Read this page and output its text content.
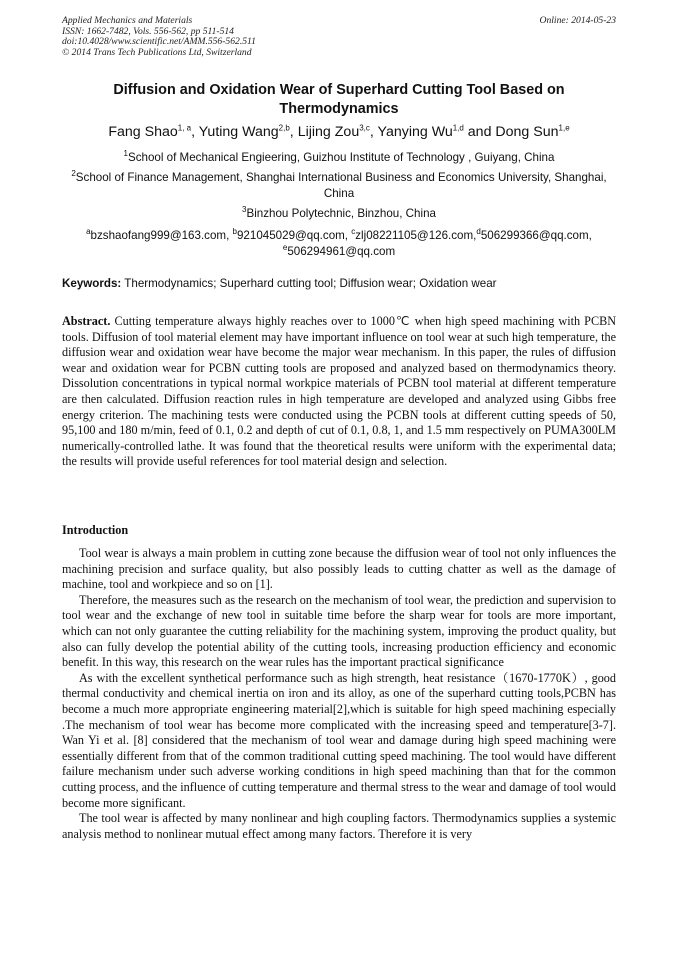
Applied Mechanics and Materials
ISSN: 1662-7482, Vols. 556-562, pp 511-514
doi:10.4028/www.scientific.net/AMM.556-562.511
© 2014 Trans Tech Publications Ltd, Switzerland
Online: 2014-05-23
Diffusion and Oxidation Wear of Superhard Cutting Tool Based on Thermodynamics
Fang Shao$^{1, a}$, Yuting Wang$^{2,b}$, Lijing Zou$^{3,c}$, Yanying Wu$^{1,d}$ and Dong Sun$^{1,e}$
$^1$School of Mechanical Engieering, Guizhou Institute of Technology , Guiyang, China
$^2$School of Finance Management, Shanghai International Business and Economics University, Shanghai, China
$^3$Binzhou Polytechnic, Binzhou, China
$^a$bzshaofang999@163.com, $^b$921045029@qq.com, $^c$zlj08221105@126.com,$^d$506299366@qq.com,
$^e$506294961@qq.com
Keywords: Thermodynamics; Superhard cutting tool; Diffusion wear; Oxidation wear
Abstract. Cutting temperature always highly reaches over to 1000℃ when high speed machining with PCBN tools. Diffusion of tool material element may have important influence on tool wear at such high temperature, the diffusion wear and oxidation wear have become the major wear mechanism. In this paper, the rules of diffusion wear and oxidation wear for PCBN cutting tools are proposed and analyzed based on thermodynamics theory. Dissolution concentrations in typical normal workpice materials of PCBN tool material at different temperature are then calculated. Diffusion reaction rules in high temperature are developed and analyzed using Gibbs free energy criterion. The machining tests were conducted using the PCBN tools at different cutting speeds of 50, 95,100 and 180 m/min, feed of 0.1, 0.2 and depth of cut of 0.1, 0.8, 1, and 1.5 mm respectively on PUMA300LM numerically-controlled lathe. It was found that the theoretical results were uniform with the experimental data; the results will provide useful references for tool material design and selection.
Introduction

Tool wear is always a main problem in cutting zone because the diffusion wear of tool not only influences the machining precision and surface quality, but also possibly leads to cutting chatter as well as the damage of machine, tool and workpiece and so on [1].

Therefore, the measures such as the research on the mechanism of tool wear, the prediction and supervision to tool wear and the exchange of new tool in suitable time before the sharp wear for tools are more important, which can not only guarantee the cutting reliability for the machining system, improving the product quality, but also can fully develop the potential ability of the cutting tools, increasing production efficiency and economic benefit. In this way, this research on the wear rules has the important practical significance

As with the excellent synthetical performance such as high strength, heat resistance（1670-1770K）, good thermal conductivity and chemical inertia on iron and its alloy, as one of the superhard cutting tools,PCBN has become a much more appropriate engineering material[2],which is suitable for high speed machining especially .The mechanism of tool wear has become more complicated with the increasing speed and temperature[3-7]. Wan Yi et al. [8] considered that the mechanism of tool wear and damage during high speed machining were essentially different from that of the common traditional cutting speed machining. The tool would have different failure mechanism under such adverse working conditions in high speed machining than that for the common cutting process, and the influence of cutting temperature and thermal stress to the wear and damage of tool would become more significant.

The tool wear is affected by many nonlinear and high coupling factors. Thermodynamics supplies a systemic analysis method to nonlinear mutual effect among many factors. Therefore it is very
